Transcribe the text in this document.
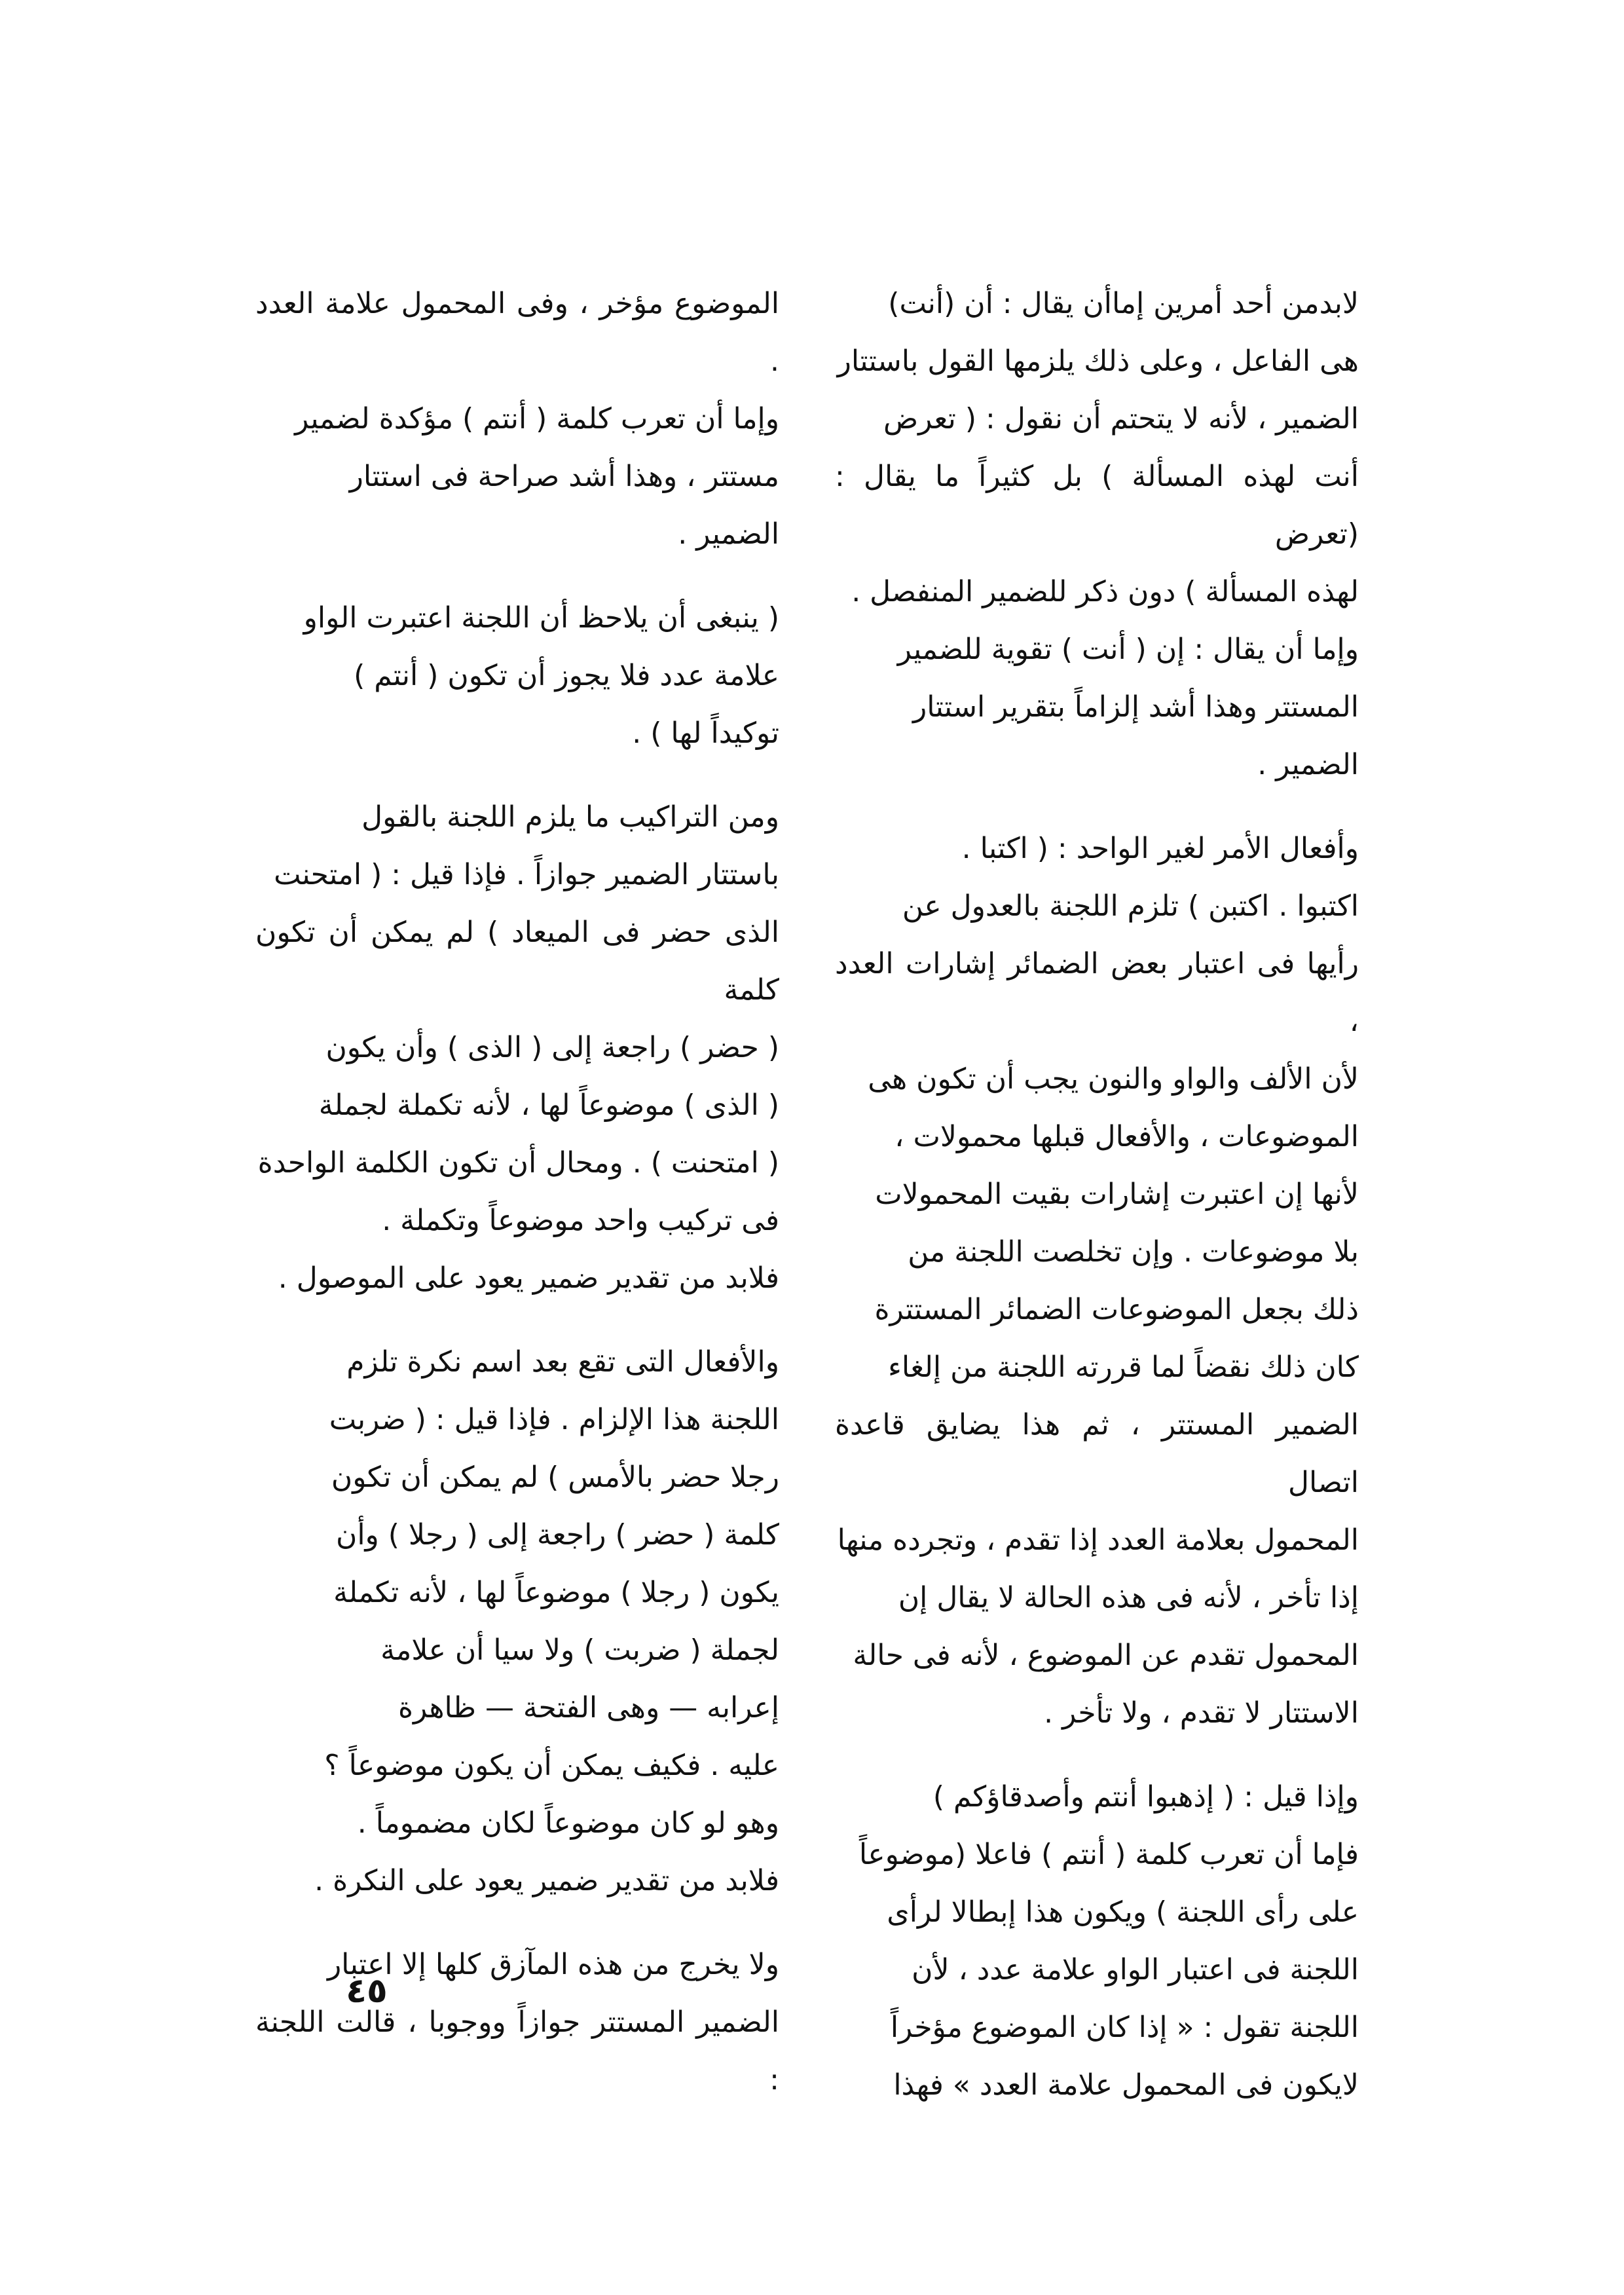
لابدمن أحد أمرين إماأن يقال : أن (أنت)
هى الفاعل ، وعلى ذلك يلزمها القول باستتار
الضمير ، لأنه لا يتحتم أن نقول : ( تعرض
أنت لهذه المسألة ) بل كثيراً ما يقال : (تعرض
لهذه المسألة ) دون ذكر للضمير المنفصل .
وإما أن يقال : إن ( أنت ) تقوية للضمير
المستتر وهذا أشد إلزاماً بتقرير استتار
الضمير .

وأفعال الأمر لغير الواحد : ( اكتبا .
اكتبوا . اكتبن ) تلزم اللجنة بالعدول عن
رأيها فى اعتبار بعض الضمائر إشارات العدد ،
لأن الألف والواو والنون يجب أن تكون هى
الموضوعات ، والأفعال قبلها محمولات ،
لأنها إن اعتبرت إشارات بقيت المحمولات
بلا موضوعات . وإن تخلصت اللجنة من
ذلك بجعل الموضوعات الضمائر المستترة
كان ذلك نقضاً لما قررته اللجنة من إلغاء
الضمير المستتر ، ثم هذا يضايق قاعدة اتصال
المحمول بعلامة العدد إذا تقدم ، وتجرده منها
إذا تأخر ، لأنه فى هذه الحالة لا يقال إن
المحمول تقدم عن الموضوع ، لأنه فى حالة
الاستتار لا تقدم ، ولا تأخر .

وإذا قيل : ( إذهبوا أنتم وأصدقاؤكم )
فإما أن تعرب كلمة ( أنتم ) فاعلا (موضوعاً
على رأى اللجنة ) ويكون هذا إبطالا لرأى
اللجنة فى اعتبار الواو علامة عدد ، لأن
اللجنة تقول : « إذا كان الموضوع مؤخراً
لايكون فى المحمول علامة العدد » فهذا

الموضوع مؤخر ، وفى المحمول علامة العدد .
وإما أن تعرب كلمة ( أنتم ) مؤكدة لضمير
مستتر ، وهذا أشد صراحة فى استتار
الضمير .

( ينبغى أن يلاحظ أن اللجنة اعتبرت الواو
علامة عدد فلا يجوز أن تكون ( أنتم )
توكيداً لها ) .

ومن التراكيب ما يلزم اللجنة بالقول
باستتار الضمير جوازاً . فإذا قيل : ( امتحنت
الذى حضر فى الميعاد ) لم يمكن أن تكون كلمة
( حضر ) راجعة إلى ( الذى ) وأن يكون
( الذى ) موضوعاً لها ، لأنه تكملة لجملة
( امتحنت ) . ومحال أن تكون الكلمة الواحدة
فى تركيب واحد موضوعاً وتكملة .
فلابد من تقدير ضمير يعود على الموصول .

والأفعال التى تقع بعد اسم نكرة تلزم
اللجنة هذا الإلزام . فإذا قيل : ( ضربت
رجلا حضر بالأمس ) لم يمكن أن تكون
كلمة ( حضر ) راجعة إلى ( رجلا ) وأن
يكون ( رجلا ) موضوعاً لها ، لأنه تكملة
لجملة ( ضربت ) ولا سيا أن علامة
إعرابه — وهى الفتحة — ظاهرة
عليه . فكيف يمكن أن يكون موضوعاً ؟
وهو لو كان موضوعاً لكان مضموماً .
فلابد من تقدير ضمير يعود على النكرة .

ولا يخرج من هذه المآزق كلها إلا اعتبار
الضمير المستتر جوازاً ووجوبا ، قالت اللجنة :

٤٥
